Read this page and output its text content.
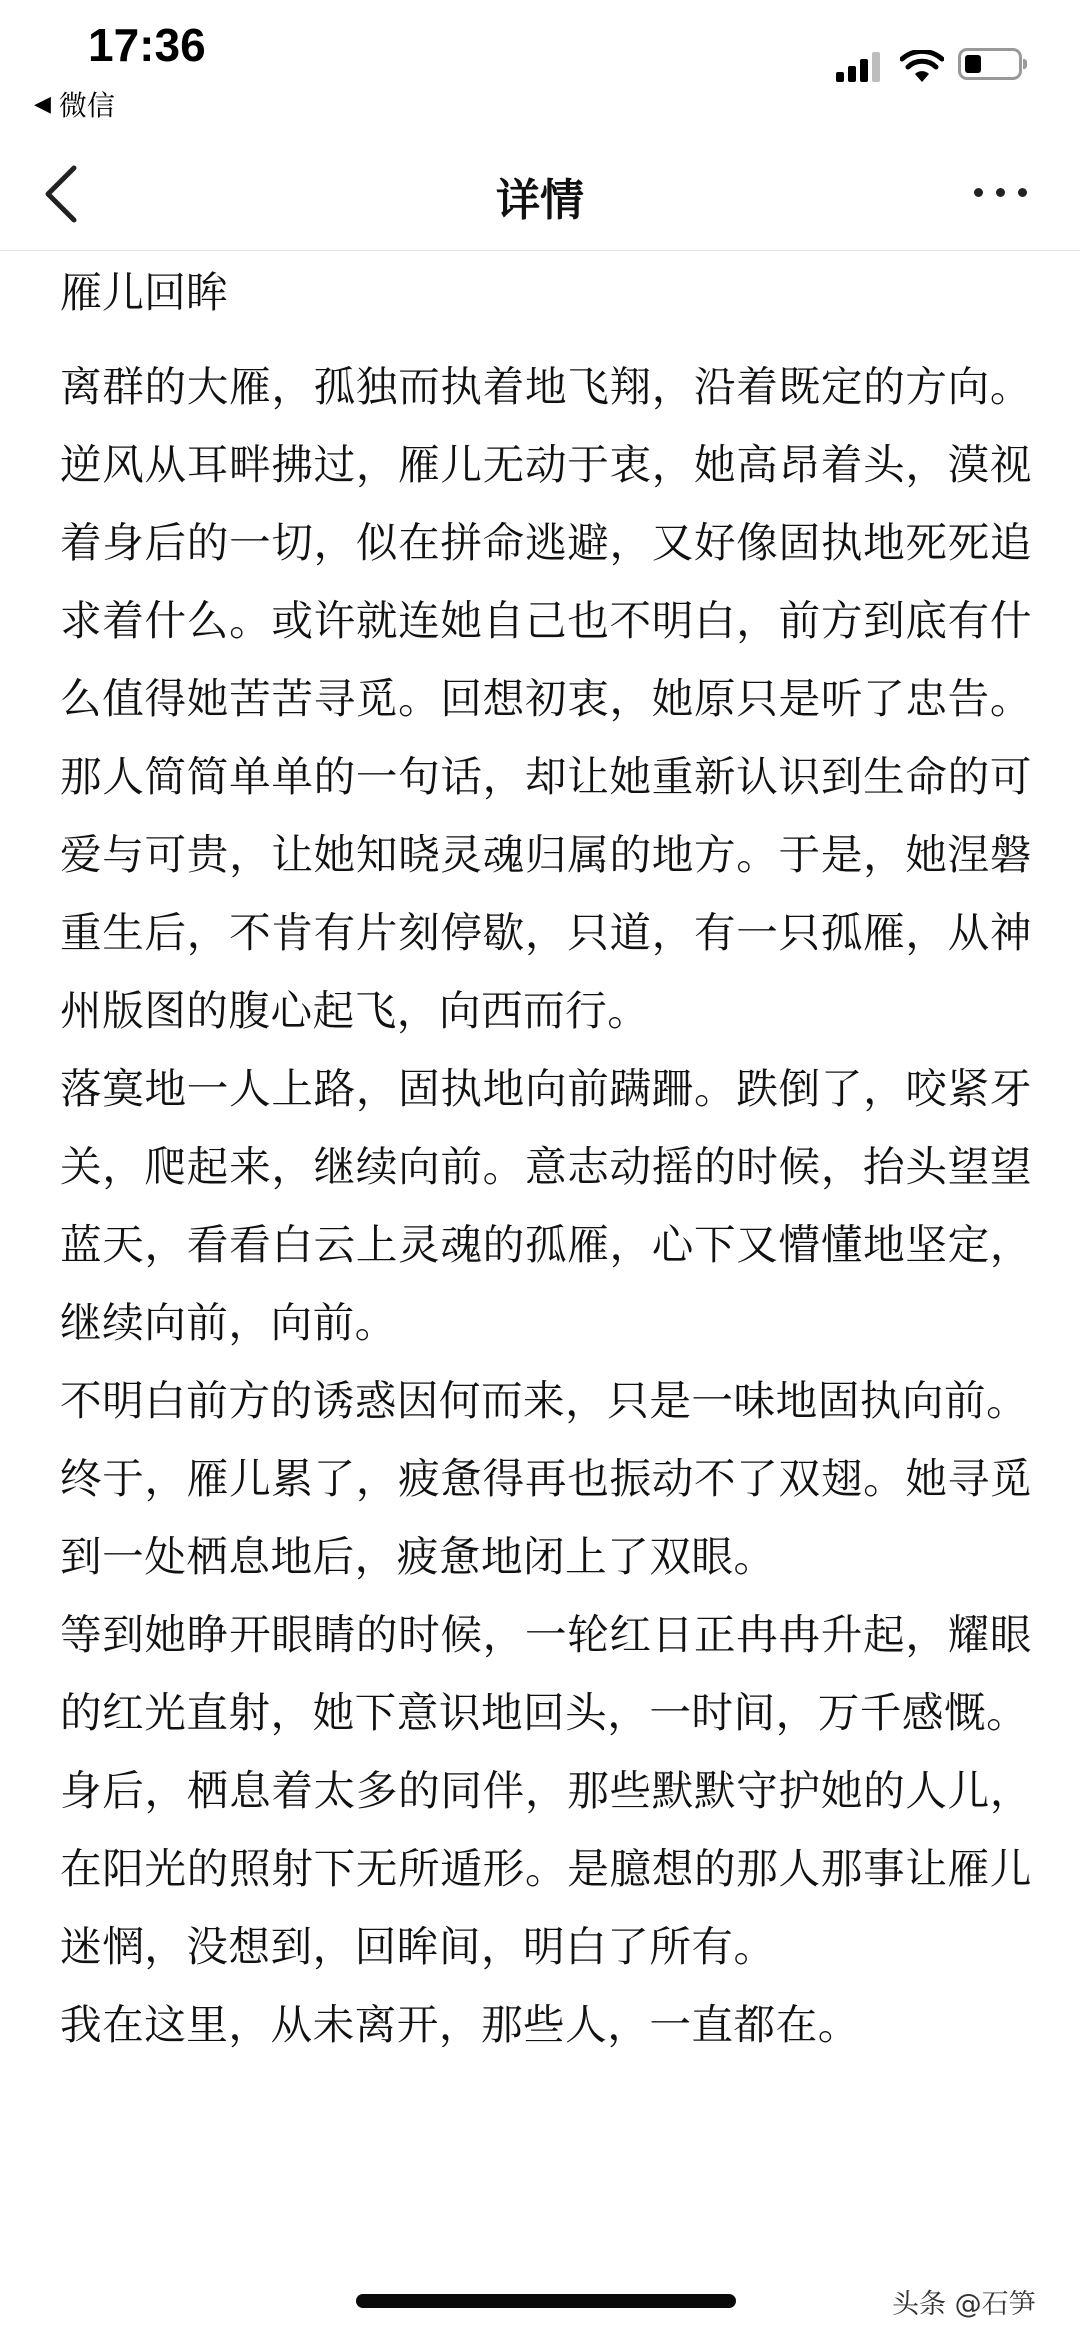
17:36
◀ 微信
详情
雁儿回眸

离群的大雁，孤独而执着地飞翔，沿着既定的方向。逆风从耳畔拂过，雁儿无动于衷，她高昂着头，漠视着身后的一切，似在拼命逃避，又好像固执地死死追求着什么。或许就连她自己也不明白，前方到底有什么值得她苦苦寻觅。回想初衷，她原只是听了忠告。那人简简单单的一句话，却让她重新认识到生命的可爱与可贵，让她知晓灵魂归属的地方。于是，她涅磐重生后，不肯有片刻停歇，只道，有一只孤雁，从神州版图的腹心起飞，向西而行。

落寞地一人上路，固执地向前蹒跚。跌倒了，咬紧牙关，爬起来，继续向前。意志动摇的时候，抬头望望蓝天，看看白云上灵魂的孤雁，心下又懵懂地坚定，继续向前，向前。

不明白前方的诱惑因何而来，只是一味地固执向前。

终于，雁儿累了，疲惫得再也振动不了双翅。她寻觅到一处栖息地后，疲惫地闭上了双眼。

等到她睁开眼睛的时候，一轮红日正冉冉升起，耀眼的红光直射，她下意识地回头，一时间，万千感慨。

身后，栖息着太多的同伴，那些默默守护她的人儿，在阳光的照射下无所遁形。是臆想的那人那事让雁儿迷惘，没想到，回眸间，明白了所有。

我在这里，从未离开，那些人，一直都在。

头条 @石笋
